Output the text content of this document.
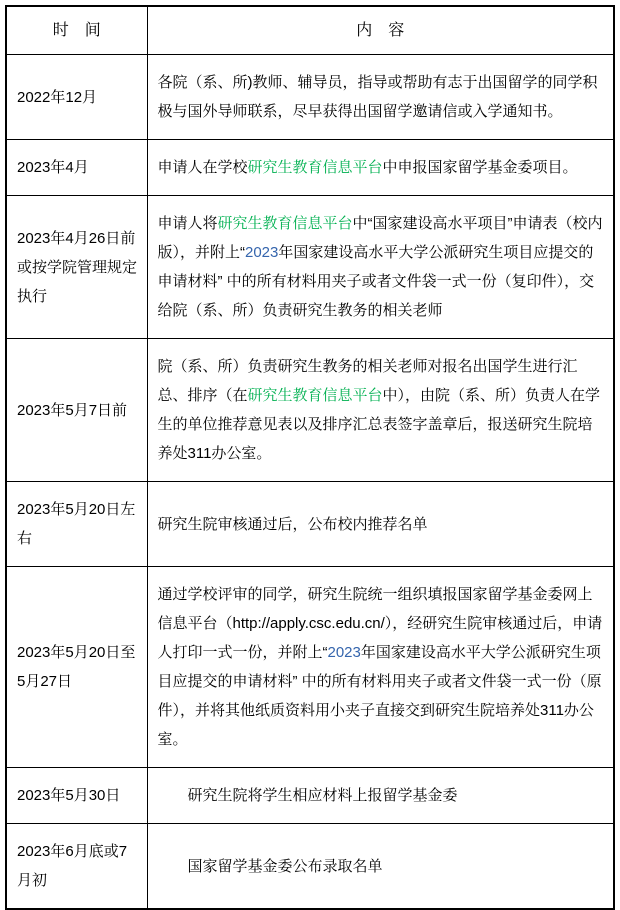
时　间	内　容
2022年12月	各院（系、所)教师、辅导员，指导或帮助有志于出国留学的同学积极与国外导师联系，尽早获得出国留学邀请信或入学通知书。
2023年4月	申请人在学校研究生教育信息平台中申报国家留学基金委项目。
2023年4月26日前或按学院管理规定执行	申请人将研究生教育信息平台中“国家建设高水平项目”申请表（校内版），并附上“2023年国家建设高水平大学公派研究生项目应提交的申请材料” 中的所有材料用夹子或者文件袋一式一份（复印件），交给院（系、所）负责研究生教务的相关老师
2023年5月7日前	院（系、所）负责研究生教务的相关老师对报名出国学生进行汇总、排序（在研究生教育信息平台中），由院（系、所）负责人在学生的单位推荐意见表以及排序汇总表签字盖章后，报送研究生院培养处311办公室。
2023年5月20日左右	研究生院审核通过后，公布校内推荐名单
2023年5月20日至5月27日	通过学校评审的同学，研究生院统一组织填报国家留学基金委网上信息平台（http://apply.csc.edu.cn/），经研究生院审核通过后，申请人打印一式一份，并附上“2023年国家建设高水平大学公派研究生项目应提交的申请材料” 中的所有材料用夹子或者文件袋一式一份（原件），并将其他纸质资料用小夹子直接交到研究生院培养处311办公室。
2023年5月30日	　　研究生院将学生相应材料上报留学基金委
2023年6月底或7月初	　　国家留学基金委公布录取名单
